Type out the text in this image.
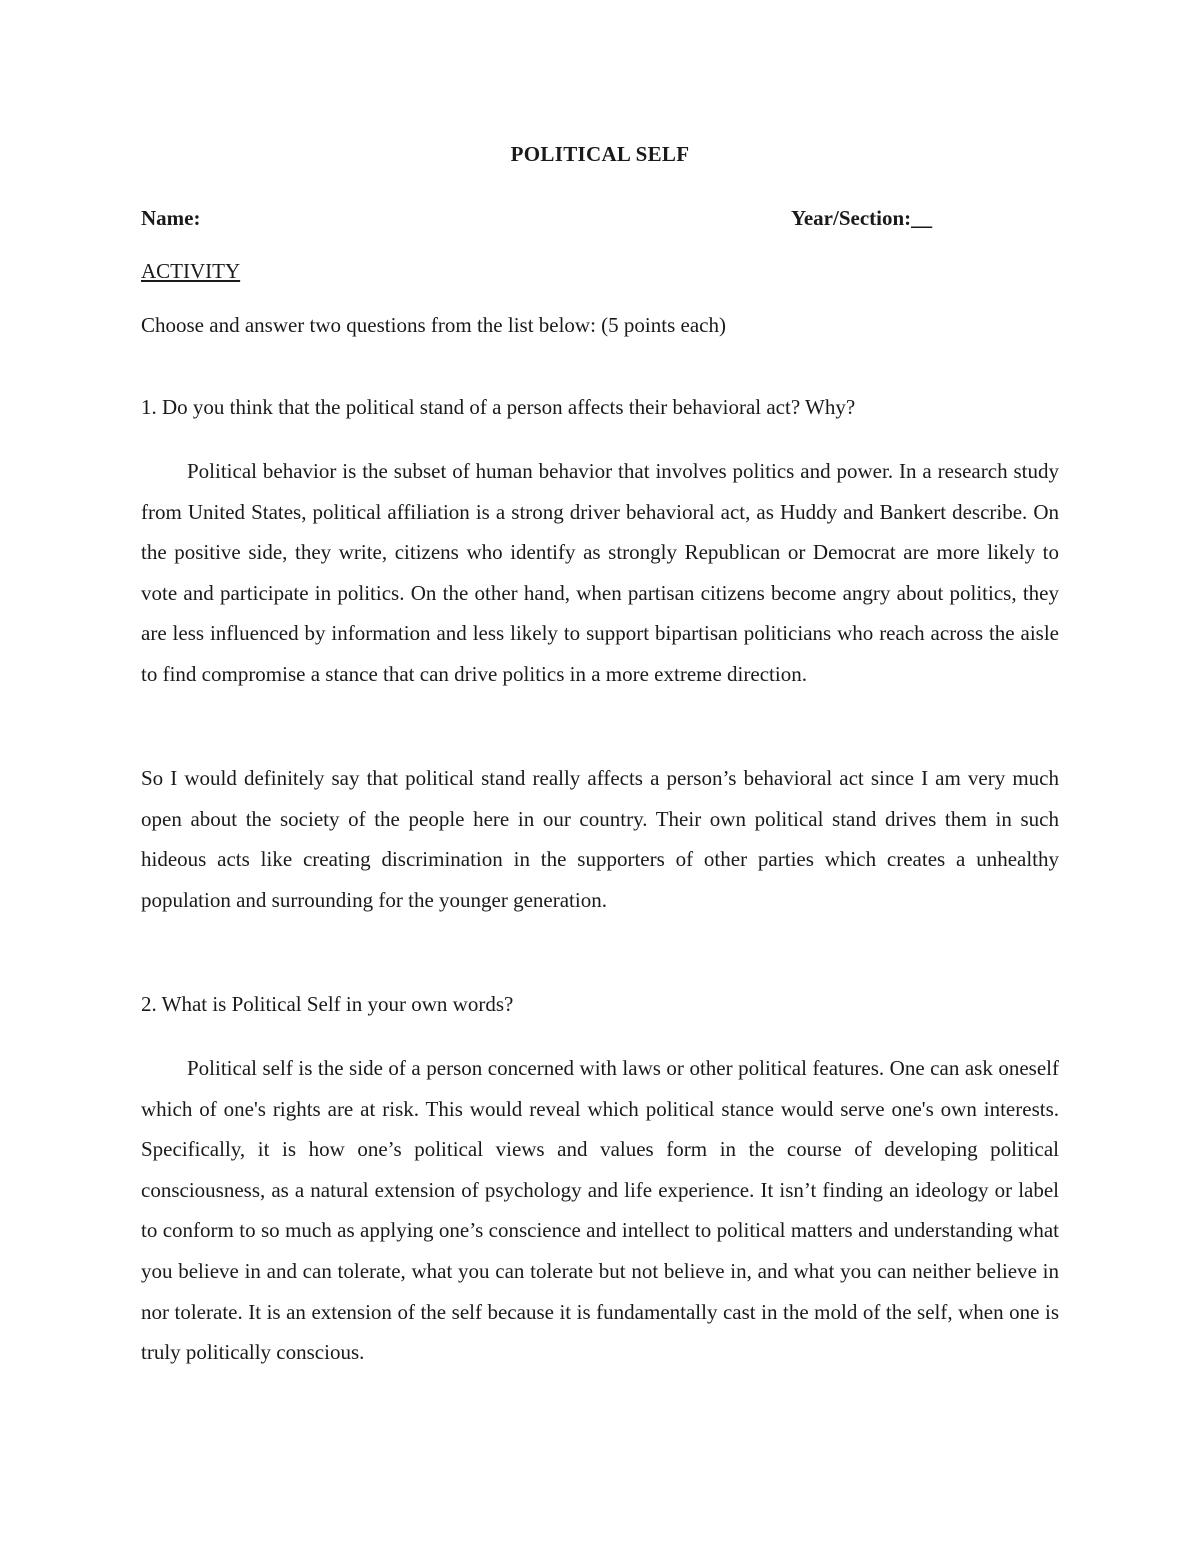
POLITICAL SELF
Name:	Year/Section:__
ACTIVITY
Choose and answer two questions from the list below: (5 points each)
1. Do you think that the political stand of a person affects their behavioral act? Why?

Political behavior is the subset of human behavior that involves politics and power. In a research study from United States, political affiliation is a strong driver behavioral act, as Huddy and Bankert describe. On the positive side, they write, citizens who identify as strongly Republican or Democrat are more likely to vote and participate in politics. On the other hand, when partisan citizens become angry about politics, they are less influenced by information and less likely to support bipartisan politicians who reach across the aisle to find compromise a stance that can drive politics in a more extreme direction.

So I would definitely say that political stand really affects a person’s behavioral act since I am very much open about the society of the people here in our country. Their own political stand drives them in such hideous acts like creating discrimination in the supporters of other parties which creates a unhealthy population and surrounding for the younger generation.

2. What is Political Self in your own words?

Political self is the side of a person concerned with laws or other political features. One can ask oneself which of one's rights are at risk. This would reveal which political stance would serve one's own interests. Specifically, it is how one’s political views and values form in the course of developing political consciousness, as a natural extension of psychology and life experience. It isn’t finding an ideology or label to conform to so much as applying one’s conscience and intellect to political matters and understanding what you believe in and can tolerate, what you can tolerate but not believe in, and what you can neither believe in nor tolerate. It is an extension of the self because it is fundamentally cast in the mold of the self, when one is truly politically conscious.
